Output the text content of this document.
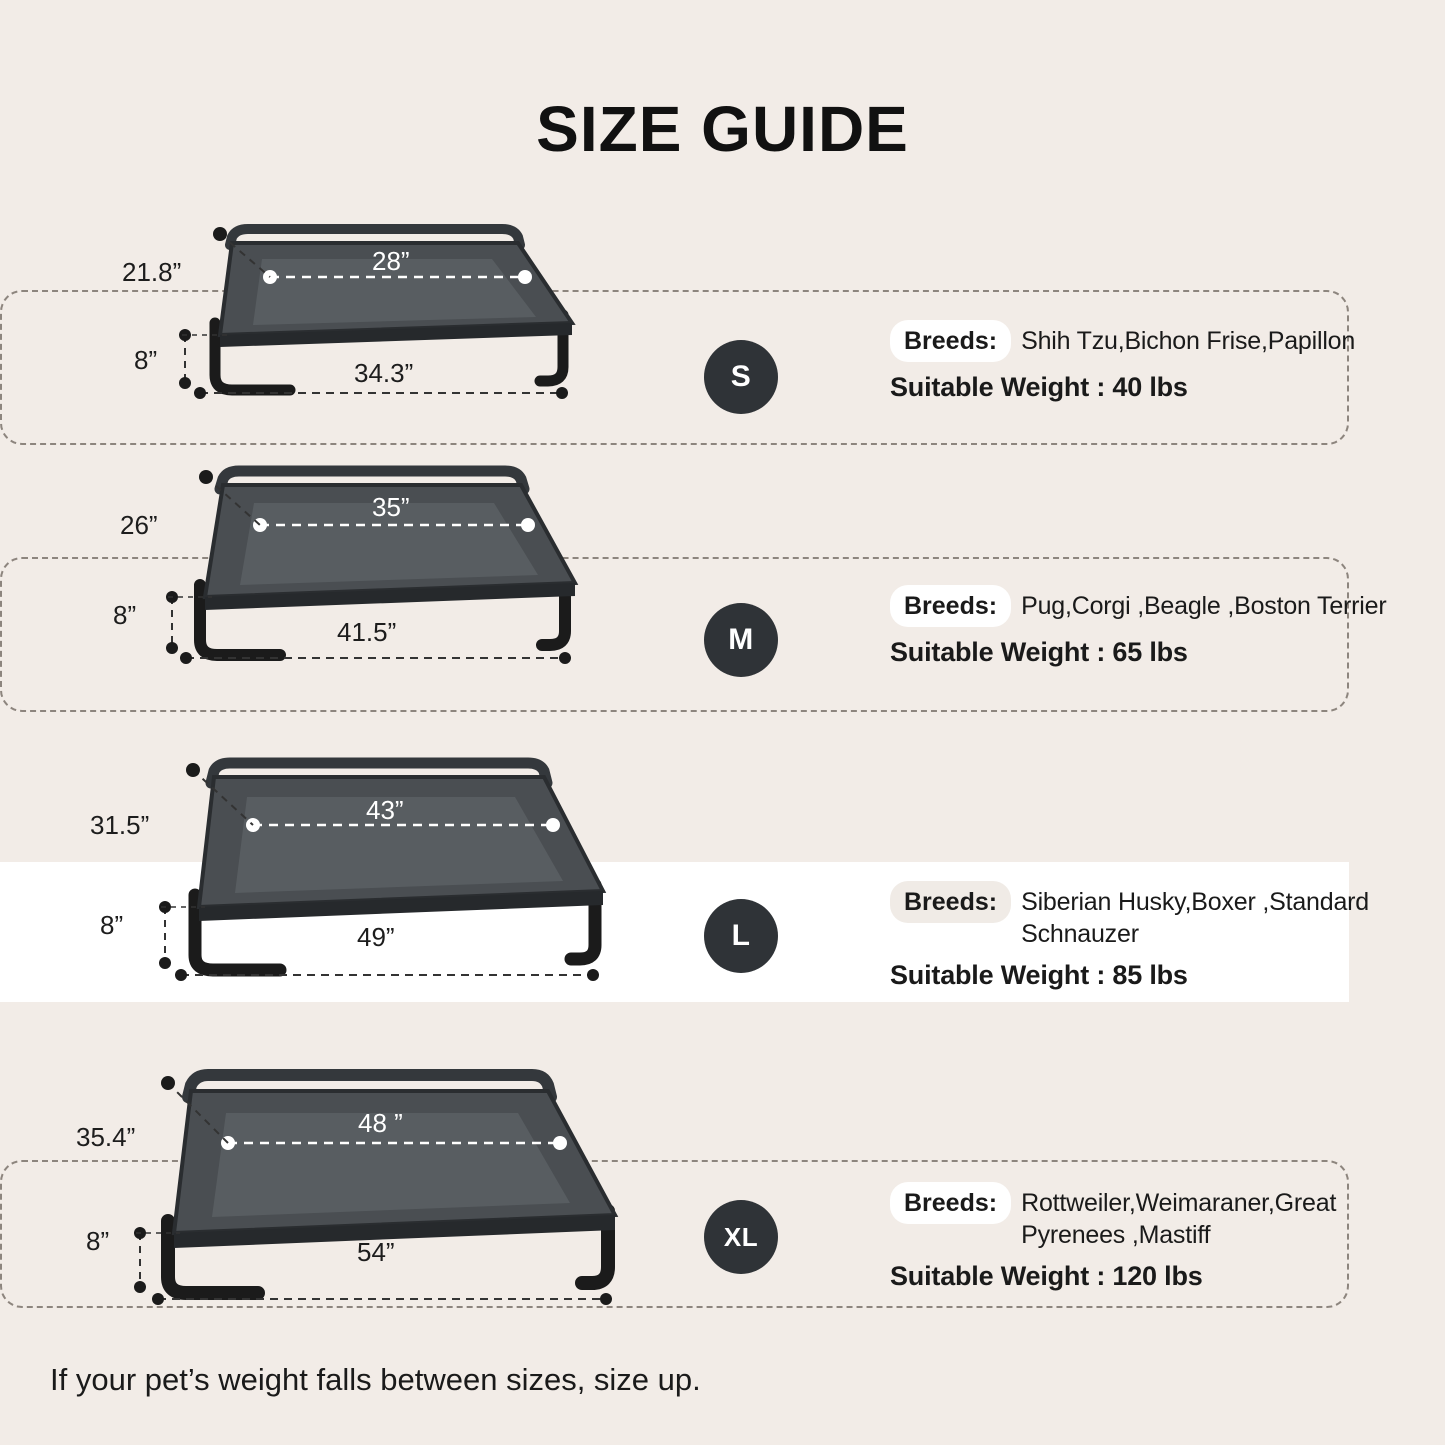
SIZE GUIDE
21.8”
8”
28”
34.3”	S
Breeds: Shih Tzu,Bichon Frise,Papillon
Suitable Weight : 40 lbs
26”
8”
35”
41.5”	M
Breeds: Pug,Corgi ,Beagle ,Boston Terrier
Suitable Weight : 65 lbs
31.5”
8”
43”
49”	L
Breeds: Siberian Husky,Boxer ,Standard Schnauzer
Suitable Weight : 85 lbs
35.4”
8”
48 ”
54”
XL
Breeds: Rottweiler,Weimaraner,Great Pyrenees ,Mastiff
Suitable Weight : 120 lbs
If your pet’s weight falls between sizes, size up.
